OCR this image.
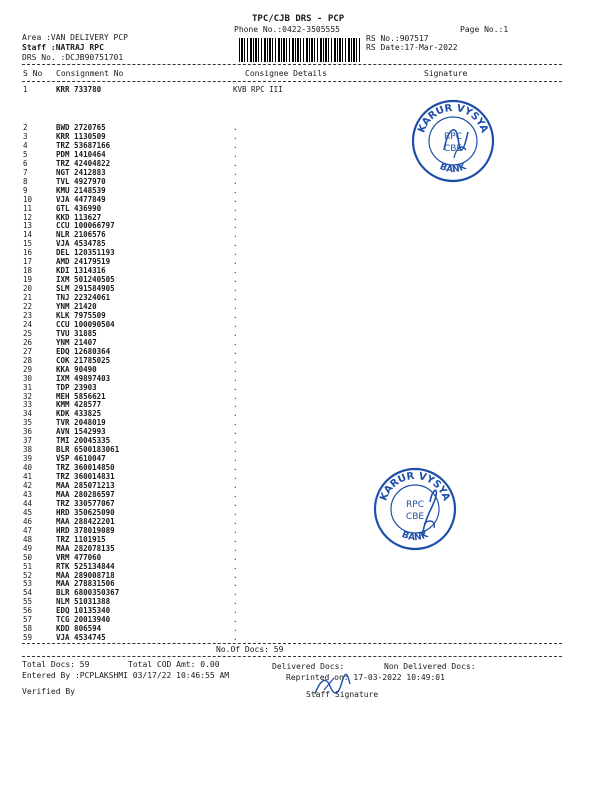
TPC/CJB DRS - PCP
Phone No.:0422-3505555	Page No.:1
Area :VAN DELIVERY PCP
Staff :NATRAJ RPC
DRS No. :DCJB90751701
RS No.:907517
RS Date:17-Mar-2022
S No Consignment No	Consignee Details	Signature
1	KRR 733780	KVB RPC III
2	BWD 2720765	.
3	KRR 1130509	.
4	TRZ 53687166	.
5	PDM 1410464	.
6	TRZ 42404822	.
7	NGT 2412883	.
8	TVL 4927970	.
9	KMU 2148539	.
10	VJA 4477849	.
11	GTL 436990	.
12	KKD 113627	.
13	CCU 100066797	.
14	NLR 2106576	.
15	VJA 4534785	.
16	DEL 120351193	.
17	AMD 24179519	.
18	KDI 1314316	.
19	IXM 501240505	.
20	SLM 291584905	.
21	TNJ 22324061	.
22	YNM 21420	.
23	KLK 7975509	.
24	CCU 100090504	.
25	TVU 31885	.
26	YNM 21407	.
27	EDQ 12680364	.
28	COK 21785025	.
29	KKA 90490	.
30	IXM 49897403	.
31	TDP 23903	.
32	MEH 5856621	.
33	KMM 428577	.
34	KDK 433825	.
35	TVR 2048019	.
36	AVN 1542993	.
37	TMI 20045335	.
38	BLR 6500183061	.
39	VSP 4610047	.
40	TRZ 360014850	.
41	TRZ 360014831	.
42	MAA 285071213	.
43	MAA 280286597	.
44	TRZ 330577067	.
45	HRD 350625090	.
46	MAA 288422201	.
47	HRD 378019089	.
48	TRZ 1101915	.
49	MAA 282078135	.
50	VRM 477060	.
51	RTK 525134844	.
52	MAA 289008718	.
53	MAA 278831506	.
54	BLR 6800350367	.
55	NLM 51031388	.
56	EDQ 10135340	.
57	TCG 20013940	.
58	KDD 806594	.
59	VJA 4534745	.
No.Of Docs: 59
Total Docs: 59	Total COD Amt: 0.00	Delivered Docs:	Non Delivered Docs:
Entered By :PCPLAKSHMI 03/17/22 10:46:55 AM	Reprinted on: 17-03-2022 10:49:01
Verified By	Staff Signature
KARUR VYSYA
BANK
RPC
CBE
KARUR VYSYA
BANK
RPC
CBE
